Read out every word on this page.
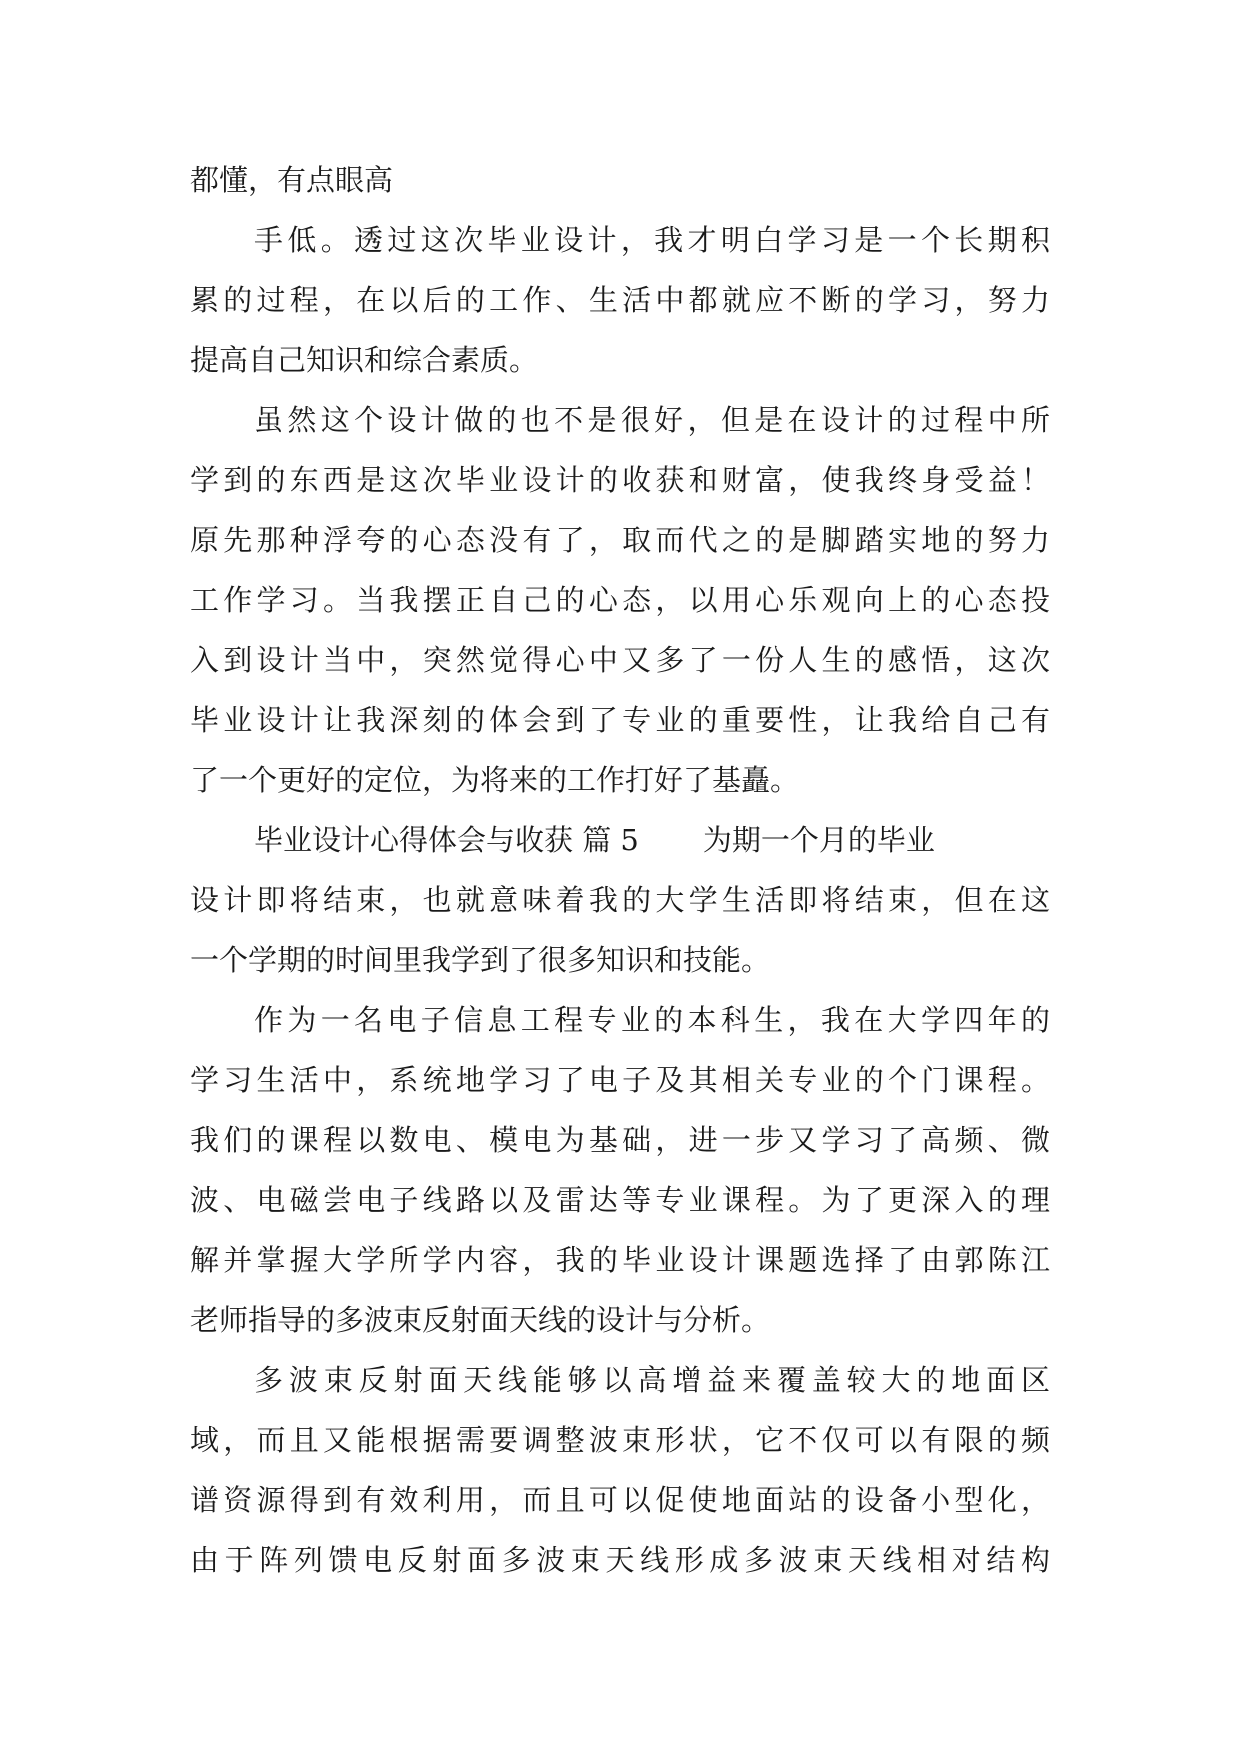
都懂，有点眼高
手低。透过这次毕业设计，我才明白学习是一个长期积
累的过程，在以后的工作、生活中都就应不断的学习，努力
提高自己知识和综合素质。
虽然这个设计做的也不是很好，但是在设计的过程中所
学到的东西是这次毕业设计的收获和财富，使我终身受益！
原先那种浮夸的心态没有了，取而代之的是脚踏实地的努力
工作学习。当我摆正自己的心态，以用心乐观向上的心态投
入到设计当中，突然觉得心中又多了一份人生的感悟，这次
毕业设计让我深刻的体会到了专业的重要性，让我给自己有
了一个更好的定位，为将来的工作打好了基矗。
毕业设计心得体会与收获 篇 5 为期一个月的毕业
设计即将结束，也就意味着我的大学生活即将结束，但在这
一个学期的时间里我学到了很多知识和技能。
作为一名电子信息工程专业的本科生，我在大学四年的
学习生活中，系统地学习了电子及其相关专业的个门课程。
我们的课程以数电、模电为基础，进一步又学习了高频、微
波、电磁尝电子线路以及雷达等专业课程。为了更深入的理
解并掌握大学所学内容，我的毕业设计课题选择了由郭陈江
老师指导的多波束反射面天线的设计与分析。
多波束反射面天线能够以高增益来覆盖较大的地面区
域，而且又能根据需要调整波束形状，它不仅可以有限的频
谱资源得到有效利用，而且可以促使地面站的设备小型化，
由于阵列馈电反射面多波束天线形成多波束天线相对结构
